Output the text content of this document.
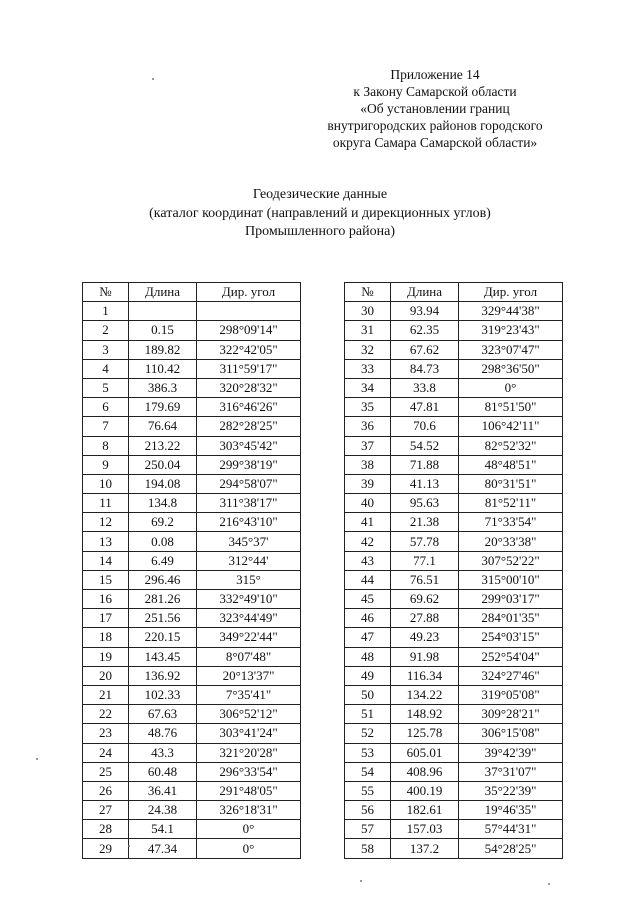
Приложение 14
к Закону Самарской области
«Об установлении границ
внутригородских районов городского
округа Самара Самарской области»
Геодезические данные
(каталог координат (направлений и дирекционных углов)
Промышленного района)
№	Длина	Дир. угол
1		
2	0.15	298°09'14"
3	189.82	322°42'05"
4	110.42	311°59'17"
5	386.3	320°28'32"
6	179.69	316°46'26"
7	76.64	282°28'25"
8	213.22	303°45'42"
9	250.04	299°38'19"
10	194.08	294°58'07"
11	134.8	311°38'17"
12	69.2	216°43'10"
13	0.08	345°37'
14	6.49	312°44'
15	296.46	315°
16	281.26	332°49'10"
17	251.56	323°44'49"
18	220.15	349°22'44"
19	143.45	8°07'48"
20	136.92	20°13'37"
21	102.33	7°35'41"
22	67.63	306°52'12"
23	48.76	303°41'24"
24	43.3	321°20'28"
25	60.48	296°33'54"
26	36.41	291°48'05"
27	24.38	326°18'31"
28	54.1	0°
29	47.34	0°
№	Длина	Дир. угол
30	93.94	329°44'38"
31	62.35	319°23'43"
32	67.62	323°07'47"
33	84.73	298°36'50"
34	33.8	0°
35	47.81	81°51'50"
36	70.6	106°42'11"
37	54.52	82°52'32"
38	71.88	48°48'51"
39	41.13	80°31'51"
40	95.63	81°52'11"
41	21.38	71°33'54"
42	57.78	20°33'38"
43	77.1	307°52'22"
44	76.51	315°00'10"
45	69.62	299°03'17"
46	27.88	284°01'35"
47	49.23	254°03'15"
48	91.98	252°54'04"
49	116.34	324°27'46"
50	134.22	319°05'08"
51	148.92	309°28'21"
52	125.78	306°15'08"
53	605.01	39°42'39"
54	408.96	37°31'07"
55	400.19	35°22'39"
56	182.61	19°46'35"
57	157.03	57°44'31"
58	137.2	54°28'25"
